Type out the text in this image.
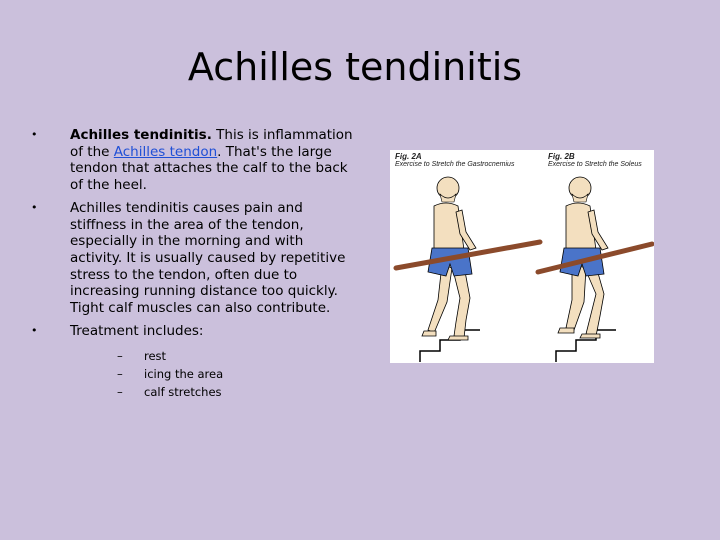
Achilles tendinitis
• Achilles tendinitis. This is inflammation of the Achilles tendon. That's the large tendon that attaches the calf to the back of the heel.
• Achilles tendinitis causes pain and stiffness in the area of the tendon, especially in the morning and with activity. It is usually caused by repetitive stress to the tendon, often due to increasing running distance too quickly. Tight calf muscles can also contribute.
• Treatment includes:
– rest
– icing the area
– calf stretches
Fig. 2A
Exercise to Stretch the Gastrocnemius
Fig. 2B
Exercise to Stretch the Soleus
